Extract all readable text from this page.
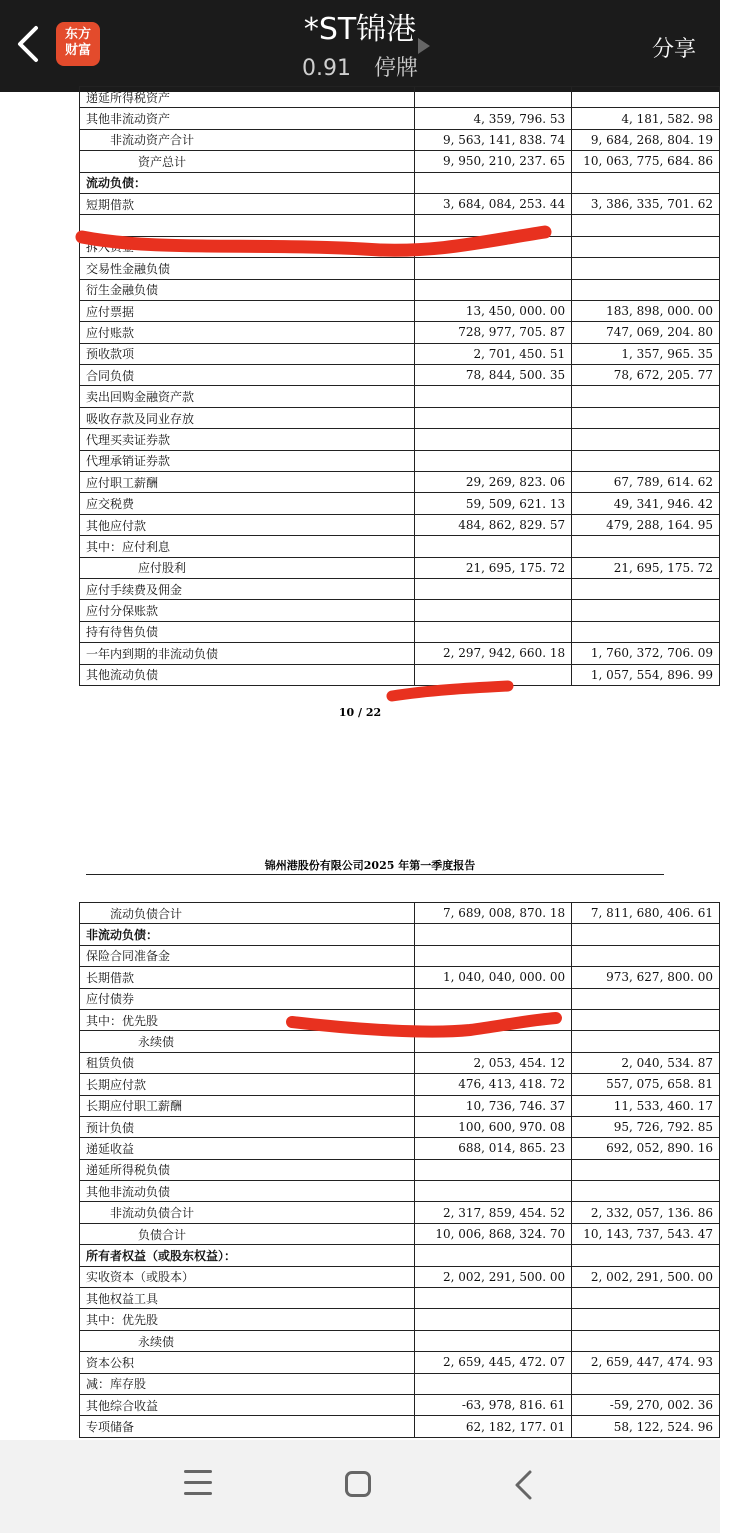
东方
财富
*ST锦港
0.91 停牌
分享
递延所得税资产		
其他非流动资产	4, 359, 796. 53	4, 181, 582. 98
非流动资产合计	9, 563, 141, 838. 74	9, 684, 268, 804. 19
资产总计	9, 950, 210, 237. 65	10, 063, 775, 684. 86
流动负债：		
短期借款	3, 684, 084, 253. 44	3, 386, 335, 701. 62

拆入资金		
交易性金融负债		
衍生金融负债		
应付票据	13, 450, 000. 00	183, 898, 000. 00
应付账款	728, 977, 705. 87	747, 069, 204. 80
预收款项	2, 701, 450. 51	1, 357, 965. 35
合同负债	78, 844, 500. 35	78, 672, 205. 77
卖出回购金融资产款		
吸收存款及同业存放		
代理买卖证券款		
代理承销证券款		
应付职工薪酬	29, 269, 823. 06	67, 789, 614. 62
应交税费	59, 509, 621. 13	49, 341, 946. 42
其他应付款	484, 862, 829. 57	479, 288, 164. 95
其中：应付利息		
应付股利	21, 695, 175. 72	21, 695, 175. 72
应付手续费及佣金		
应付分保账款		
持有待售负债		
一年内到期的非流动负债	2, 297, 942, 660. 18	1, 760, 372, 706. 09
其他流动负债		1, 057, 554, 896. 99
10 / 22
锦州港股份有限公司2025 年第一季度报告
流动负债合计	7, 689, 008, 870. 18	7, 811, 680, 406. 61
非流动负债：		
保险合同准备金		
长期借款	1, 040, 040, 000. 00	973, 627, 800. 00
应付债券		
其中：优先股		
永续债		
租赁负债	2, 053, 454. 12	2, 040, 534. 87
长期应付款	476, 413, 418. 72	557, 075, 658. 81
长期应付职工薪酬	10, 736, 746. 37	11, 533, 460. 17
预计负债	100, 600, 970. 08	95, 726, 792. 85
递延收益	688, 014, 865. 23	692, 052, 890. 16
递延所得税负债		
其他非流动负债		
非流动负债合计	2, 317, 859, 454. 52	2, 332, 057, 136. 86
负债合计	10, 006, 868, 324. 70	10, 143, 737, 543. 47
所有者权益（或股东权益）：		
实收资本（或股本）	2, 002, 291, 500. 00	2, 002, 291, 500. 00
其他权益工具		
其中：优先股		
永续债		
资本公积	2, 659, 445, 472. 07	2, 659, 447, 474. 93
减：库存股		
其他综合收益	-63, 978, 816. 61	-59, 270, 002. 36
专项储备	62, 182, 177. 01	58, 122, 524. 96
